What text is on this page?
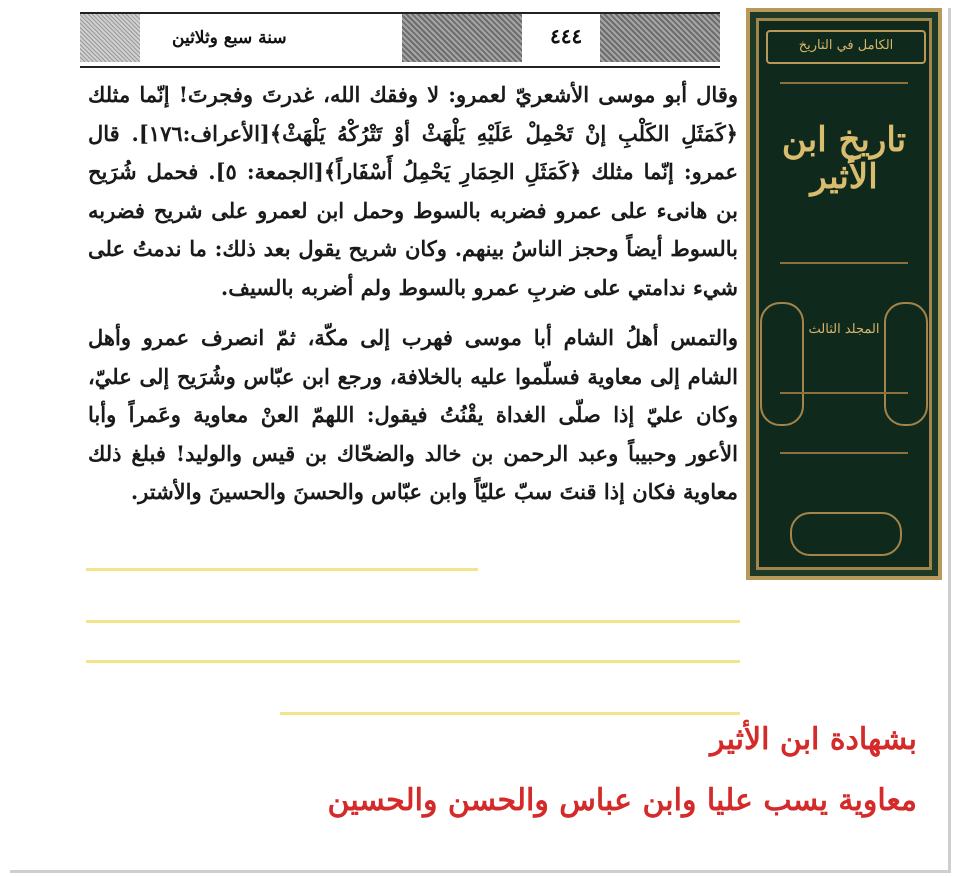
سنة سبع وثلاثين	٤٤٤	الكامل في التاريخ
تاريخ ابن الأثير
المجلد الثالث

وقال أبو موسى الأشعريّ لعمرو: لا وفقك الله، غدرتَ وفجرتَ! إنّما مثلك ﴿كَمَثَلِ الكَلْبِ إنْ تَحْمِلْ عَلَيْهِ يَلْهَثْ أوْ تَتْرُكْهُ يَلْهَثْ﴾[الأعراف:١٧٦]. قال عمرو: إنّما مثلك ﴿كَمَثَلِ الحِمَارِ يَحْمِلُ أَسْفَاراً﴾[الجمعة: ٥]. فحمل شُرَيح بن هانىء على عمرو فضربه بالسوط وحمل ابن لعمرو على شريح فضربه بالسوط أيضاً وحجز الناسُ بينهم. وكان شريح يقول بعد ذلك: ما ندمتُ على شيء ندامتي على ضربِ عمرو بالسوط ولم أضربه بالسيف.

والتمس أهلُ الشام أبا موسى فهرب إلى مكّة، ثمّ انصرف عمرو وأهل الشام إلى معاوية فسلّموا عليه بالخلافة، ورجع ابن عبّاس وشُرَيح إلى عليّ، وكان عليّ إذا صلّى الغداة يقْنُتُ فيقول: اللهمّ العنْ معاوية وعَمراً وأبا الأعور وحبيباً وعبد الرحمن بن خالد والضحّاك بن قيس والوليد! فبلغ ذلك معاوية فكان إذا قنتَ سبّ عليّاً وابن عبّاس والحسنَ والحسينَ والأشتر.

بشهادة ابن الأثير
معاوية يسب عليا وابن عباس والحسن والحسين
